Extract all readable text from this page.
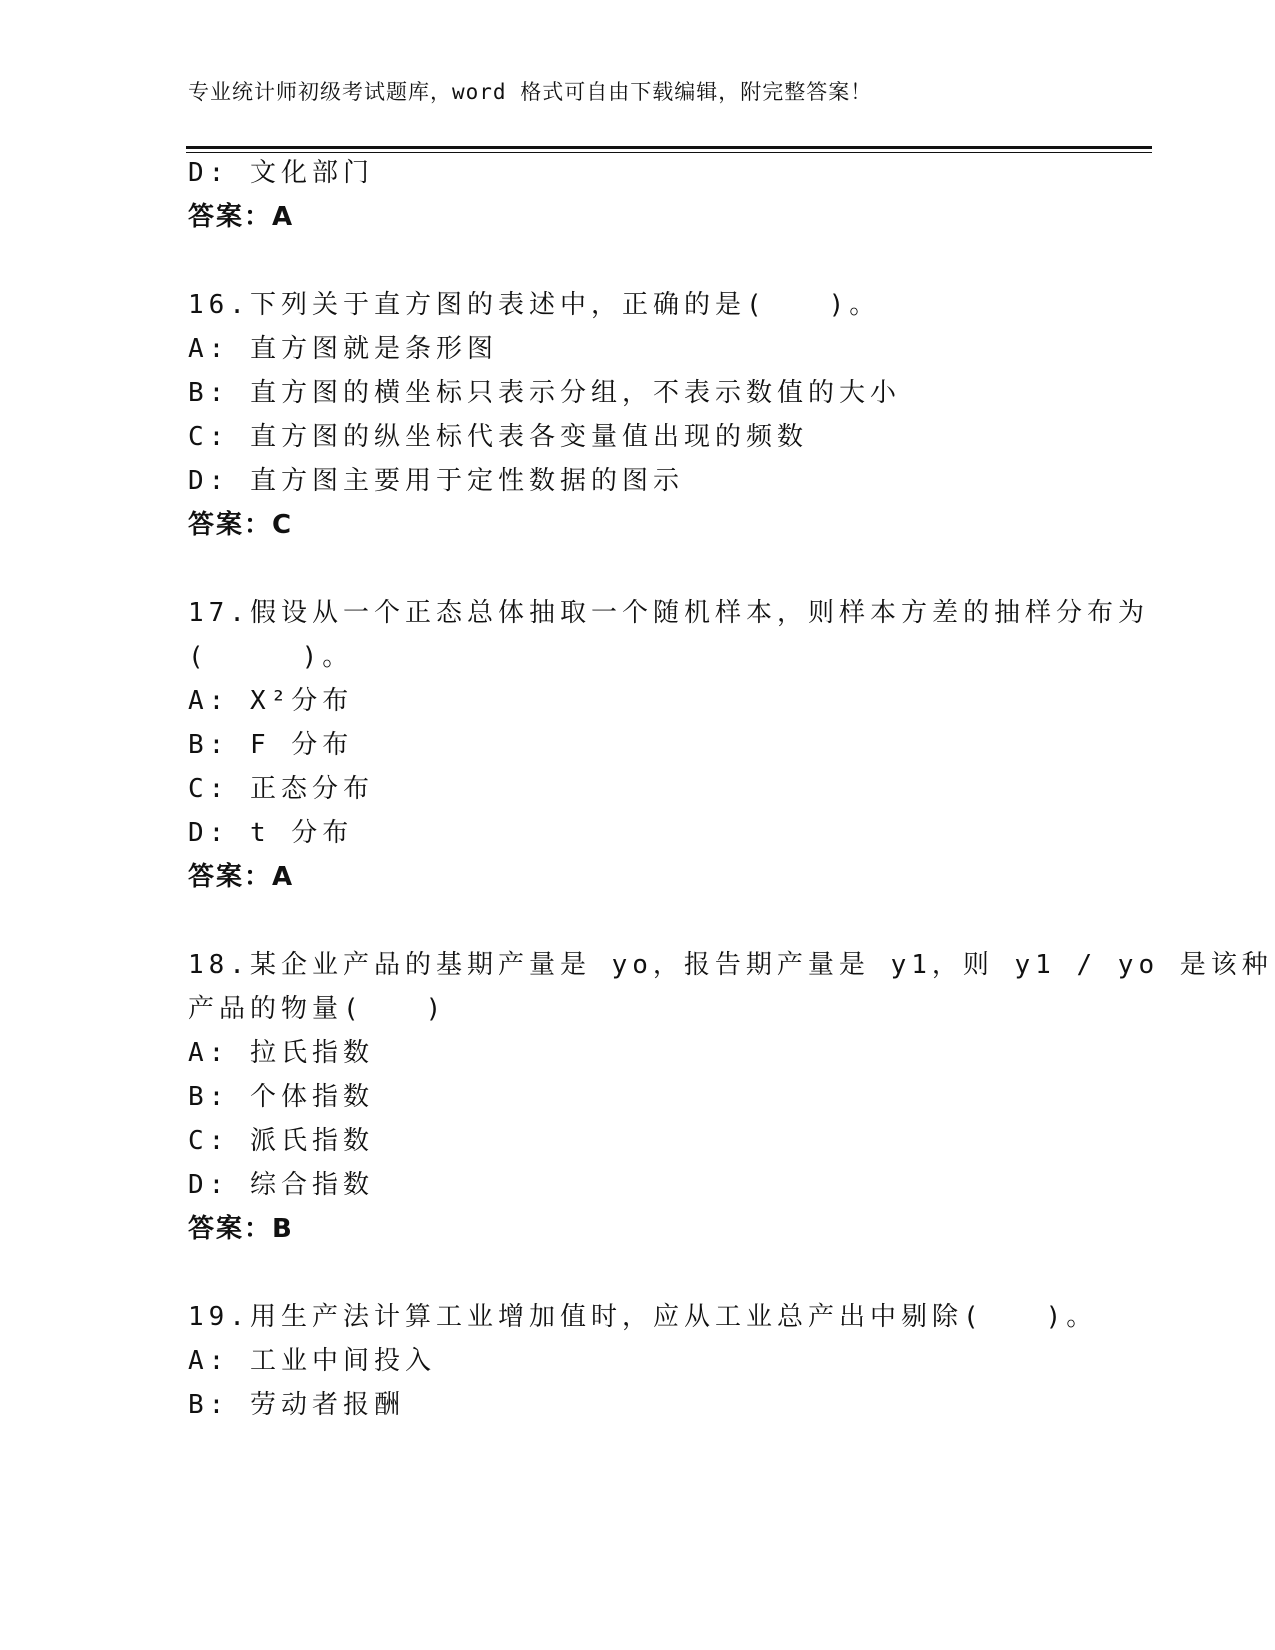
专业统计师初级考试题库，word 格式可自由下载编辑，附完整答案！
D: 文化部门
答案：A
16.下列关于直方图的表述中，正确的是(　　)。
A: 直方图就是条形图
B: 直方图的横坐标只表示分组，不表示数值的大小
C: 直方图的纵坐标代表各变量值出现的频数
D: 直方图主要用于定性数据的图示
答案：C
17.假设从一个正态总体抽取一个随机样本，则样本方差的抽样分布为
(　　　)。
A: X²分布
B: F 分布
C: 正态分布
D: t 分布
答案：A
18.某企业产品的基期产量是 yo，报告期产量是 y1，则 y1 / yo 是该种
产品的物量(　　)
A: 拉氏指数
B: 个体指数
C: 派氏指数
D: 综合指数
答案：B
19.用生产法计算工业增加值时，应从工业总产出中剔除(　　)。
A: 工业中间投入
B: 劳动者报酬
